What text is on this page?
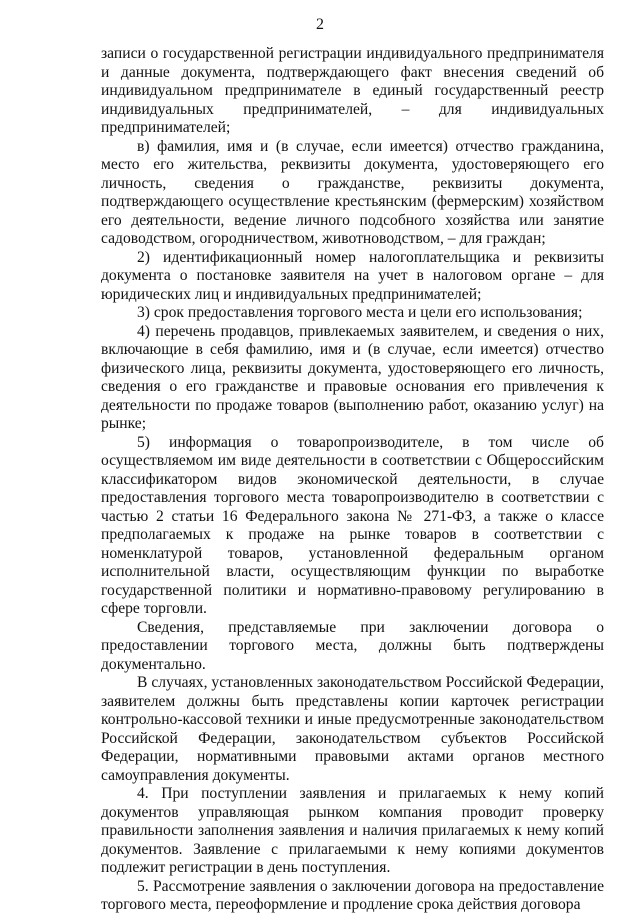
2

записи о государственной регистрации индивидуального предпринимателя и данные документа, подтверждающего факт внесения сведений об индивидуальном предпринимателе в единый государственный реестр индивидуальных предпринимателей, – для индивидуальных предпринимателей;

в) фамилия, имя и (в случае, если имеется) отчество гражданина, место его жительства, реквизиты документа, удостоверяющего его личность, сведения о гражданстве, реквизиты документа, подтверждающего осуществление крестьянским (фермерским) хозяйством его деятельности, ведение личного подсобного хозяйства или занятие садоводством, огородничеством, животноводством, – для граждан;

2) идентификационный номер налогоплательщика и реквизиты документа о постановке заявителя на учет в налоговом органе – для юридических лиц и индивидуальных предпринимателей;

3) срок предоставления торгового места и цели его использования;

4) перечень продавцов, привлекаемых заявителем, и сведения о них, включающие в себя фамилию, имя и (в случае, если имеется) отчество физического лица, реквизиты документа, удостоверяющего его личность, сведения о его гражданстве и правовые основания его привлечения к деятельности по продаже товаров (выполнению работ, оказанию услуг) на рынке;

5) информация о товаропроизводителе, в том числе об осуществляемом им виде деятельности в соответствии с Общероссийским классификатором видов экономической деятельности, в случае предоставления торгового места товаропроизводителю в соответствии с частью 2 статьи 16 Федерального закона № 271-ФЗ, а также о классе предполагаемых к продаже на рынке товаров в соответствии с номенклатурой товаров, установленной федеральным органом исполнительной власти, осуществляющим функции по выработке государственной политики и нормативно-правовому регулированию в сфере торговли.

Сведения, представляемые при заключении договора о предоставлении торгового места, должны быть подтверждены документально.

В случаях, установленных законодательством Российской Федерации, заявителем должны быть представлены копии карточек регистрации контрольно-кассовой техники и иные предусмотренные законодательством Российской Федерации, законодательством субъектов Российской Федерации, нормативными правовыми актами органов местного самоуправления документы.

4. При поступлении заявления и прилагаемых к нему копий документов управляющая рынком компания проводит проверку правильности заполнения заявления и наличия прилагаемых к нему копий документов. Заявление с прилагаемыми к нему копиями документов подлежит регистрации в день поступления.

5. Рассмотрение заявления о заключении договора на предоставление торгового места, переоформление и продление срока действия договора
